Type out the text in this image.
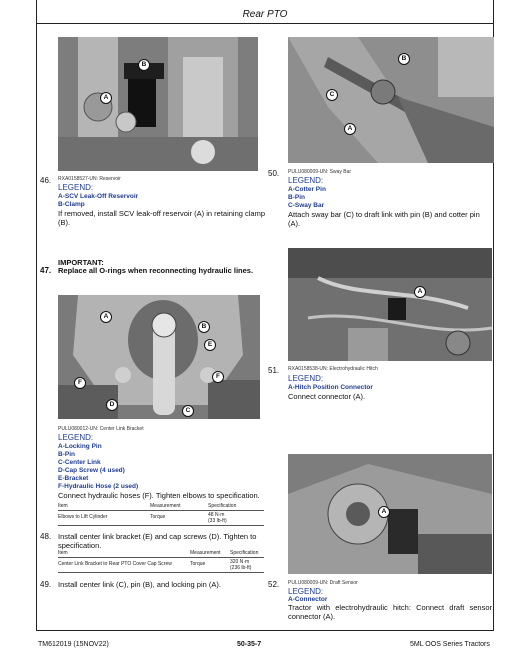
Rear PTO
B
A
RXA0158527-UN: Reservoir
46.
LEGEND:
A-SCV Leak-Off Reservoir
B-Clamp
If removed, install SCV leak-off reservoir (A) in retaining clamp (B).
IMPORTANT:
47. Replace all O-rings when reconnecting hydraulic lines.
A
B
E
F
F
D
C
PULU080012-UN: Center Link Bracket
LEGEND:
A-Locking Pin
B-Pin
C-Center Link
D-Cap Screw (4 used)
E-Bracket
F-Hydraulic Hose (2 used)
Connect hydraulic hoses (F). Tighten elbows to specification.
Item	Measurement	Specification
Elbows to Lift Cylinder	Torque	48 N·m
(33 lb-ft)
48. Install center link bracket (E) and cap screws (D). Tighten to specification.
Item	Measurement Specification
Center Link Bracket to Rear PTO Cover Cap Screw	Torque	320 N·m
(236 lb-ft)
49. Install center link (C), pin (B), and locking pin (A).
B
C
A
50. PULU080009-UN: Sway Bar
LEGEND:
A-Cotter Pin
B-Pin
C-Sway Bar
Attach sway bar (C) to draft link with pin (B) and cotter pin (A).
A
51. RXA0158538-UN: Electrohydraulic Hitch
LEGEND:
A-Hitch Position Connector
Connect connector (A).
A
52. PULU080009-UN: Draft Sensor
LEGEND:
A-Connector
Tractor with electrohydraulic hitch: Connect draft sensor connector (A).
TM612019 (15NOV22)	50-35-7	5ML OOS Series Tractors
